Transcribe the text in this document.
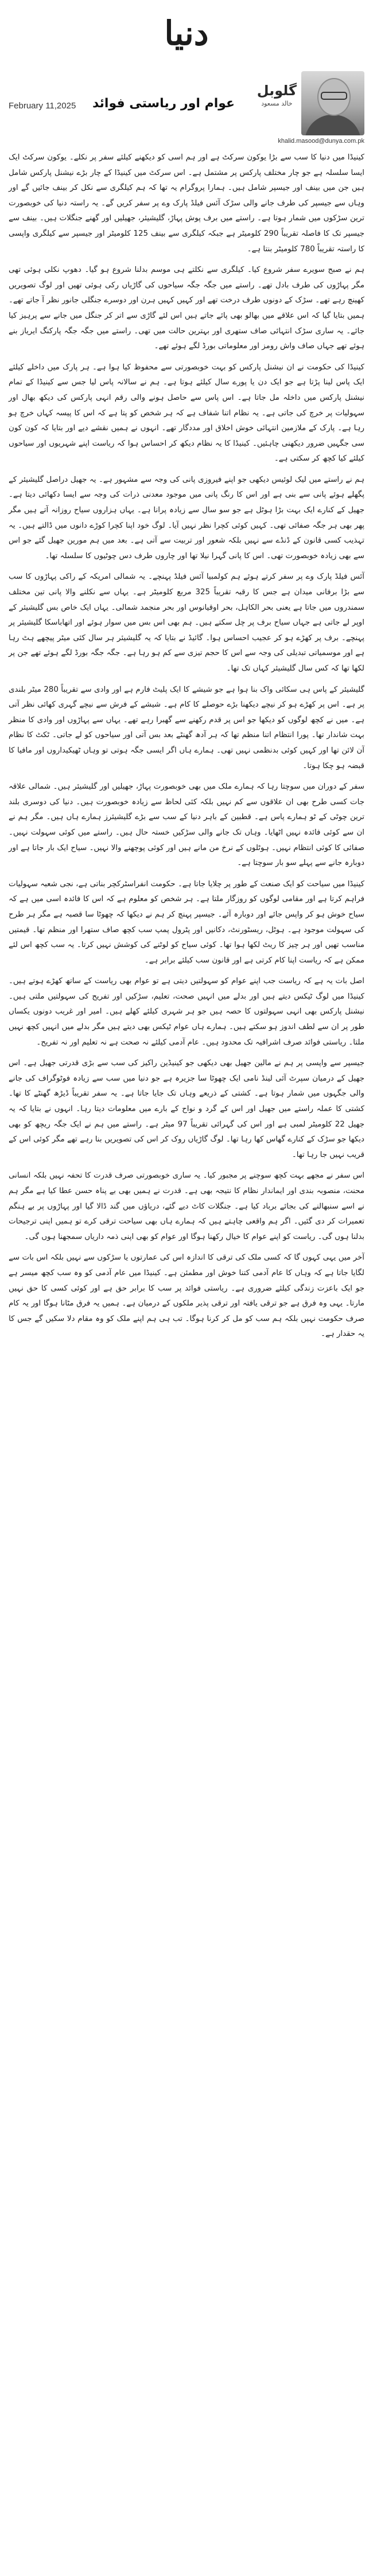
دنیا
February 11,2025	عوام اور ریاستی فوائد
گلوبل
خالد مسعود
khalid.masood@dunya.com.pk

کینیڈا میں دنیا کا سب سے بڑا یوکون سرکٹ ہے اور ہم اسی کو دیکھنے کیلئے سفر پر نکلے۔ یوکون سرکٹ ایک ایسا سلسلہ ہے جو چار مختلف پارکس پر مشتمل ہے۔ اس سرکٹ میں کینیڈا کے چار بڑے نیشنل پارکس شامل ہیں جن میں بینف اور جیسپر شامل ہیں۔ ہمارا پروگرام یہ تھا کہ ہم کیلگری سے نکل کر بینف جائیں گے اور وہاں سے جیسپر کی طرف جانے والی سڑک آئس فیلڈ پارک وے پر سفر کریں گے۔ یہ راستہ دنیا کی خوبصورت ترین سڑکوں میں شمار ہوتا ہے۔ راستے میں برف پوش پہاڑ، گلیشیئر، جھیلیں اور گھنے جنگلات ہیں۔ بینف سے جیسپر تک کا فاصلہ تقریباً 290 کلومیٹر ہے جبکہ کیلگری سے بینف 125 کلومیٹر اور جیسپر سے کیلگری واپسی کا راستہ تقریباً 780 کلومیٹر بنتا ہے۔

ہم نے صبح سویرے سفر شروع کیا۔ کیلگری سے نکلتے ہی موسم بدلنا شروع ہو گیا۔ دھوپ نکلی ہوئی تھی مگر پہاڑوں کی طرف بادل تھے۔ راستے میں جگہ جگہ سیاحوں کی گاڑیاں رکی ہوئی تھیں اور لوگ تصویریں کھینچ رہے تھے۔ سڑک کے دونوں طرف درخت تھے اور کہیں کہیں ہرن اور دوسرے جنگلی جانور نظر آ جاتے تھے۔ ہمیں بتایا گیا کہ اس علاقے میں بھالو بھی پائے جاتے ہیں اس لئے گاڑی سے اتر کر جنگل میں جانے سے پرہیز کیا جائے۔ یہ ساری سڑک انتہائی صاف ستھری اور بہترین حالت میں تھی۔ راستے میں جگہ جگہ پارکنگ ایریاز بنے ہوئے تھے جہاں صاف واش رومز اور معلوماتی بورڈ لگے ہوئے تھے۔

کینیڈا کی حکومت نے ان نیشنل پارکس کو بہت خوبصورتی سے محفوظ کیا ہوا ہے۔ ہر پارک میں داخلے کیلئے ایک پاس لینا پڑتا ہے جو ایک دن یا پورے سال کیلئے ہوتا ہے۔ ہم نے سالانہ پاس لیا جس سے کینیڈا کے تمام نیشنل پارکس میں داخلہ مل جاتا ہے۔ اس پاس سے حاصل ہونے والی رقم انہی پارکس کی دیکھ بھال اور سہولیات پر خرچ کی جاتی ہے۔ یہ نظام اتنا شفاف ہے کہ ہر شخص کو پتا ہے کہ اس کا پیسہ کہاں خرچ ہو رہا ہے۔ پارک کے ملازمین انتہائی خوش اخلاق اور مددگار تھے۔ انہوں نے ہمیں نقشے دیے اور بتایا کہ کون کون سی جگہیں ضرور دیکھنی چاہئیں۔ کینیڈا کا یہ نظام دیکھ کر احساس ہوا کہ ریاست اپنے شہریوں اور سیاحوں کیلئے کیا کچھ کر سکتی ہے۔

ہم نے راستے میں لیک لوئیس دیکھی جو اپنے فیروزی پانی کی وجہ سے مشہور ہے۔ یہ جھیل دراصل گلیشیئر کے پگھلے ہوئے پانی سے بنی ہے اور اس کا رنگ پانی میں موجود معدنی ذرات کی وجہ سے ایسا دکھائی دیتا ہے۔ جھیل کے کنارے ایک بہت بڑا ہوٹل ہے جو سو سال سے زیادہ پرانا ہے۔ یہاں ہزاروں سیاح روزانہ آتے ہیں مگر پھر بھی ہر جگہ صفائی تھی۔ کہیں کوئی کچرا نظر نہیں آیا۔ لوگ خود اپنا کچرا کوڑے دانوں میں ڈالتے ہیں۔ یہ تہذیب کسی قانون کے ڈنڈے سے نہیں بلکہ شعور اور تربیت سے آتی ہے۔ بعد میں ہم مورین جھیل گئے جو اس سے بھی زیادہ خوبصورت تھی۔ اس کا پانی گہرا نیلا تھا اور چاروں طرف دس چوٹیوں کا سلسلہ تھا۔

آئس فیلڈ پارک وے پر سفر کرتے ہوئے ہم کولمبیا آئس فیلڈ پہنچے۔ یہ شمالی امریکہ کے راکی پہاڑوں کا سب سے بڑا برفانی میدان ہے جس کا رقبہ تقریباً 325 مربع کلومیٹر ہے۔ یہاں سے نکلنے والا پانی تین مختلف سمندروں میں جاتا ہے یعنی بحر الکاہل، بحر اوقیانوس اور بحر منجمد شمالی۔ یہاں ایک خاص بس گلیشیئر کے اوپر لے جاتی ہے جہاں سیاح برف پر چل سکتے ہیں۔ ہم بھی اس بس میں سوار ہوئے اور اتھاباسکا گلیشیئر پر پہنچے۔ برف پر کھڑے ہو کر عجیب احساس ہوا۔ گائیڈ نے بتایا کہ یہ گلیشیئر ہر سال کئی میٹر پیچھے ہٹ رہا ہے اور موسمیاتی تبدیلی کی وجہ سے اس کا حجم تیزی سے کم ہو رہا ہے۔ جگہ جگہ بورڈ لگے ہوئے تھے جن پر لکھا تھا کہ کس سال گلیشیئر کہاں تک تھا۔

گلیشیئر کے پاس ہی سکائی واک بنا ہوا ہے جو شیشے کا ایک پلیٹ فارم ہے اور وادی سے تقریباً 280 میٹر بلندی پر ہے۔ اس پر کھڑے ہو کر نیچے دیکھنا بڑے حوصلے کا کام ہے۔ شیشے کے فرش سے نیچے گہری کھائی نظر آتی ہے۔ میں نے کچھ لوگوں کو دیکھا جو اس پر قدم رکھنے سے گھبرا رہے تھے۔ یہاں سے پہاڑوں اور وادی کا منظر بہت شاندار تھا۔ پورا انتظام اتنا منظم تھا کہ ہر آدھ گھنٹے بعد بس آتی اور سیاحوں کو لے جاتی۔ ٹکٹ کا نظام آن لائن تھا اور کہیں کوئی بدنظمی نہیں تھی۔ ہمارے ہاں اگر ایسی جگہ ہوتی تو وہاں ٹھیکیداروں اور مافیا کا قبضہ ہو چکا ہوتا۔

سفر کے دوران میں سوچتا رہا کہ ہمارے ملک میں بھی خوبصورت پہاڑ، جھیلیں اور گلیشیئر ہیں۔ شمالی علاقہ جات کسی طرح بھی ان علاقوں سے کم نہیں بلکہ کئی لحاظ سے زیادہ خوبصورت ہیں۔ دنیا کی دوسری بلند ترین چوٹی کے ٹو ہمارے پاس ہے۔ قطبین کے باہر دنیا کے سب سے بڑے گلیشیئرز ہمارے ہاں ہیں۔ مگر ہم نے ان سے کوئی فائدہ نہیں اٹھایا۔ وہاں تک جانے والی سڑکیں خستہ حال ہیں۔ راستے میں کوئی سہولت نہیں۔ صفائی کا کوئی انتظام نہیں۔ ہوٹلوں کے نرخ من مانے ہیں اور کوئی پوچھنے والا نہیں۔ سیاح ایک بار جاتا ہے اور دوبارہ جانے سے پہلے سو بار سوچتا ہے۔

کینیڈا میں سیاحت کو ایک صنعت کے طور پر چلایا جاتا ہے۔ حکومت انفراسٹرکچر بناتی ہے، نجی شعبہ سہولیات فراہم کرتا ہے اور مقامی لوگوں کو روزگار ملتا ہے۔ ہر شخص کو معلوم ہے کہ اس کا فائدہ اسی میں ہے کہ سیاح خوش ہو کر واپس جائے اور دوبارہ آئے۔ جیسپر پہنچ کر ہم نے دیکھا کہ چھوٹا سا قصبہ ہے مگر ہر طرح کی سہولت موجود ہے۔ ہوٹل، ریسٹورنٹ، دکانیں اور پٹرول پمپ سب کچھ صاف ستھرا اور منظم تھا۔ قیمتیں مناسب تھیں اور ہر چیز کا ریٹ لکھا ہوا تھا۔ کوئی سیاح کو لوٹنے کی کوشش نہیں کرتا۔ یہ سب کچھ اس لئے ممکن ہے کہ ریاست اپنا کام کرتی ہے اور قانون سب کیلئے برابر ہے۔

اصل بات یہ ہے کہ ریاست جب اپنے عوام کو سہولتیں دیتی ہے تو عوام بھی ریاست کے ساتھ کھڑے ہوتے ہیں۔ کینیڈا میں لوگ ٹیکس دیتے ہیں اور بدلے میں انہیں صحت، تعلیم، سڑکیں اور تفریح کی سہولتیں ملتی ہیں۔ نیشنل پارکس بھی انہی سہولتوں کا حصہ ہیں جو ہر شہری کیلئے کھلے ہیں۔ امیر اور غریب دونوں یکساں طور پر ان سے لطف اندوز ہو سکتے ہیں۔ ہمارے ہاں عوام ٹیکس بھی دیتے ہیں مگر بدلے میں انہیں کچھ نہیں ملتا۔ ریاستی فوائد صرف اشرافیہ تک محدود ہیں۔ عام آدمی کیلئے نہ صحت ہے نہ تعلیم اور نہ تفریح۔

جیسپر سے واپسی پر ہم نے مالین جھیل بھی دیکھی جو کینیڈین راکیز کی سب سے بڑی قدرتی جھیل ہے۔ اس جھیل کے درمیان سپرٹ آئی لینڈ نامی ایک چھوٹا سا جزیرہ ہے جو دنیا میں سب سے زیادہ فوٹوگراف کی جانے والی جگہوں میں شمار ہوتا ہے۔ کشتی کے ذریعے وہاں تک جایا جاتا ہے۔ یہ سفر تقریباً ڈیڑھ گھنٹے کا تھا۔ کشتی کا عملہ راستے میں جھیل اور اس کے گرد و نواح کے بارے میں معلومات دیتا رہا۔ انہوں نے بتایا کہ یہ جھیل 22 کلومیٹر لمبی ہے اور اس کی گہرائی تقریباً 97 میٹر ہے۔ راستے میں ہم نے ایک جگہ ریچھ کو بھی دیکھا جو سڑک کے کنارے گھاس کھا رہا تھا۔ لوگ گاڑیاں روک کر اس کی تصویریں بنا رہے تھے مگر کوئی اس کے قریب نہیں جا رہا تھا۔

اس سفر نے مجھے بہت کچھ سوچنے پر مجبور کیا۔ یہ ساری خوبصورتی صرف قدرت کا تحفہ نہیں بلکہ انسانی محنت، منصوبہ بندی اور ایماندار نظام کا نتیجہ بھی ہے۔ قدرت نے ہمیں بھی بے پناہ حسن عطا کیا ہے مگر ہم نے اسے سنبھالنے کی بجائے برباد کیا ہے۔ جنگلات کاٹ دیے گئے، دریاؤں میں گند ڈالا گیا اور پہاڑوں پر بے ہنگم تعمیرات کر دی گئیں۔ اگر ہم واقعی چاہتے ہیں کہ ہمارے ہاں بھی سیاحت ترقی کرے تو ہمیں اپنی ترجیحات بدلنا ہوں گی۔ ریاست کو اپنے عوام کا خیال رکھنا ہوگا اور عوام کو بھی اپنی ذمہ داریاں سمجھنا ہوں گی۔

آخر میں یہی کہوں گا کہ کسی ملک کی ترقی کا اندازہ اس کی عمارتوں یا سڑکوں سے نہیں بلکہ اس بات سے لگایا جاتا ہے کہ وہاں کا عام آدمی کتنا خوش اور مطمئن ہے۔ کینیڈا میں عام آدمی کو وہ سب کچھ میسر ہے جو ایک باعزت زندگی کیلئے ضروری ہے۔ ریاستی فوائد پر سب کا برابر حق ہے اور کوئی کسی کا حق نہیں مارتا۔ یہی وہ فرق ہے جو ترقی یافتہ اور ترقی پذیر ملکوں کے درمیان ہے۔ ہمیں یہ فرق مٹانا ہوگا اور یہ کام صرف حکومت نہیں بلکہ ہم سب کو مل کر کرنا ہوگا۔ تب ہی ہم اپنے ملک کو وہ مقام دلا سکیں گے جس کا یہ حقدار ہے۔
